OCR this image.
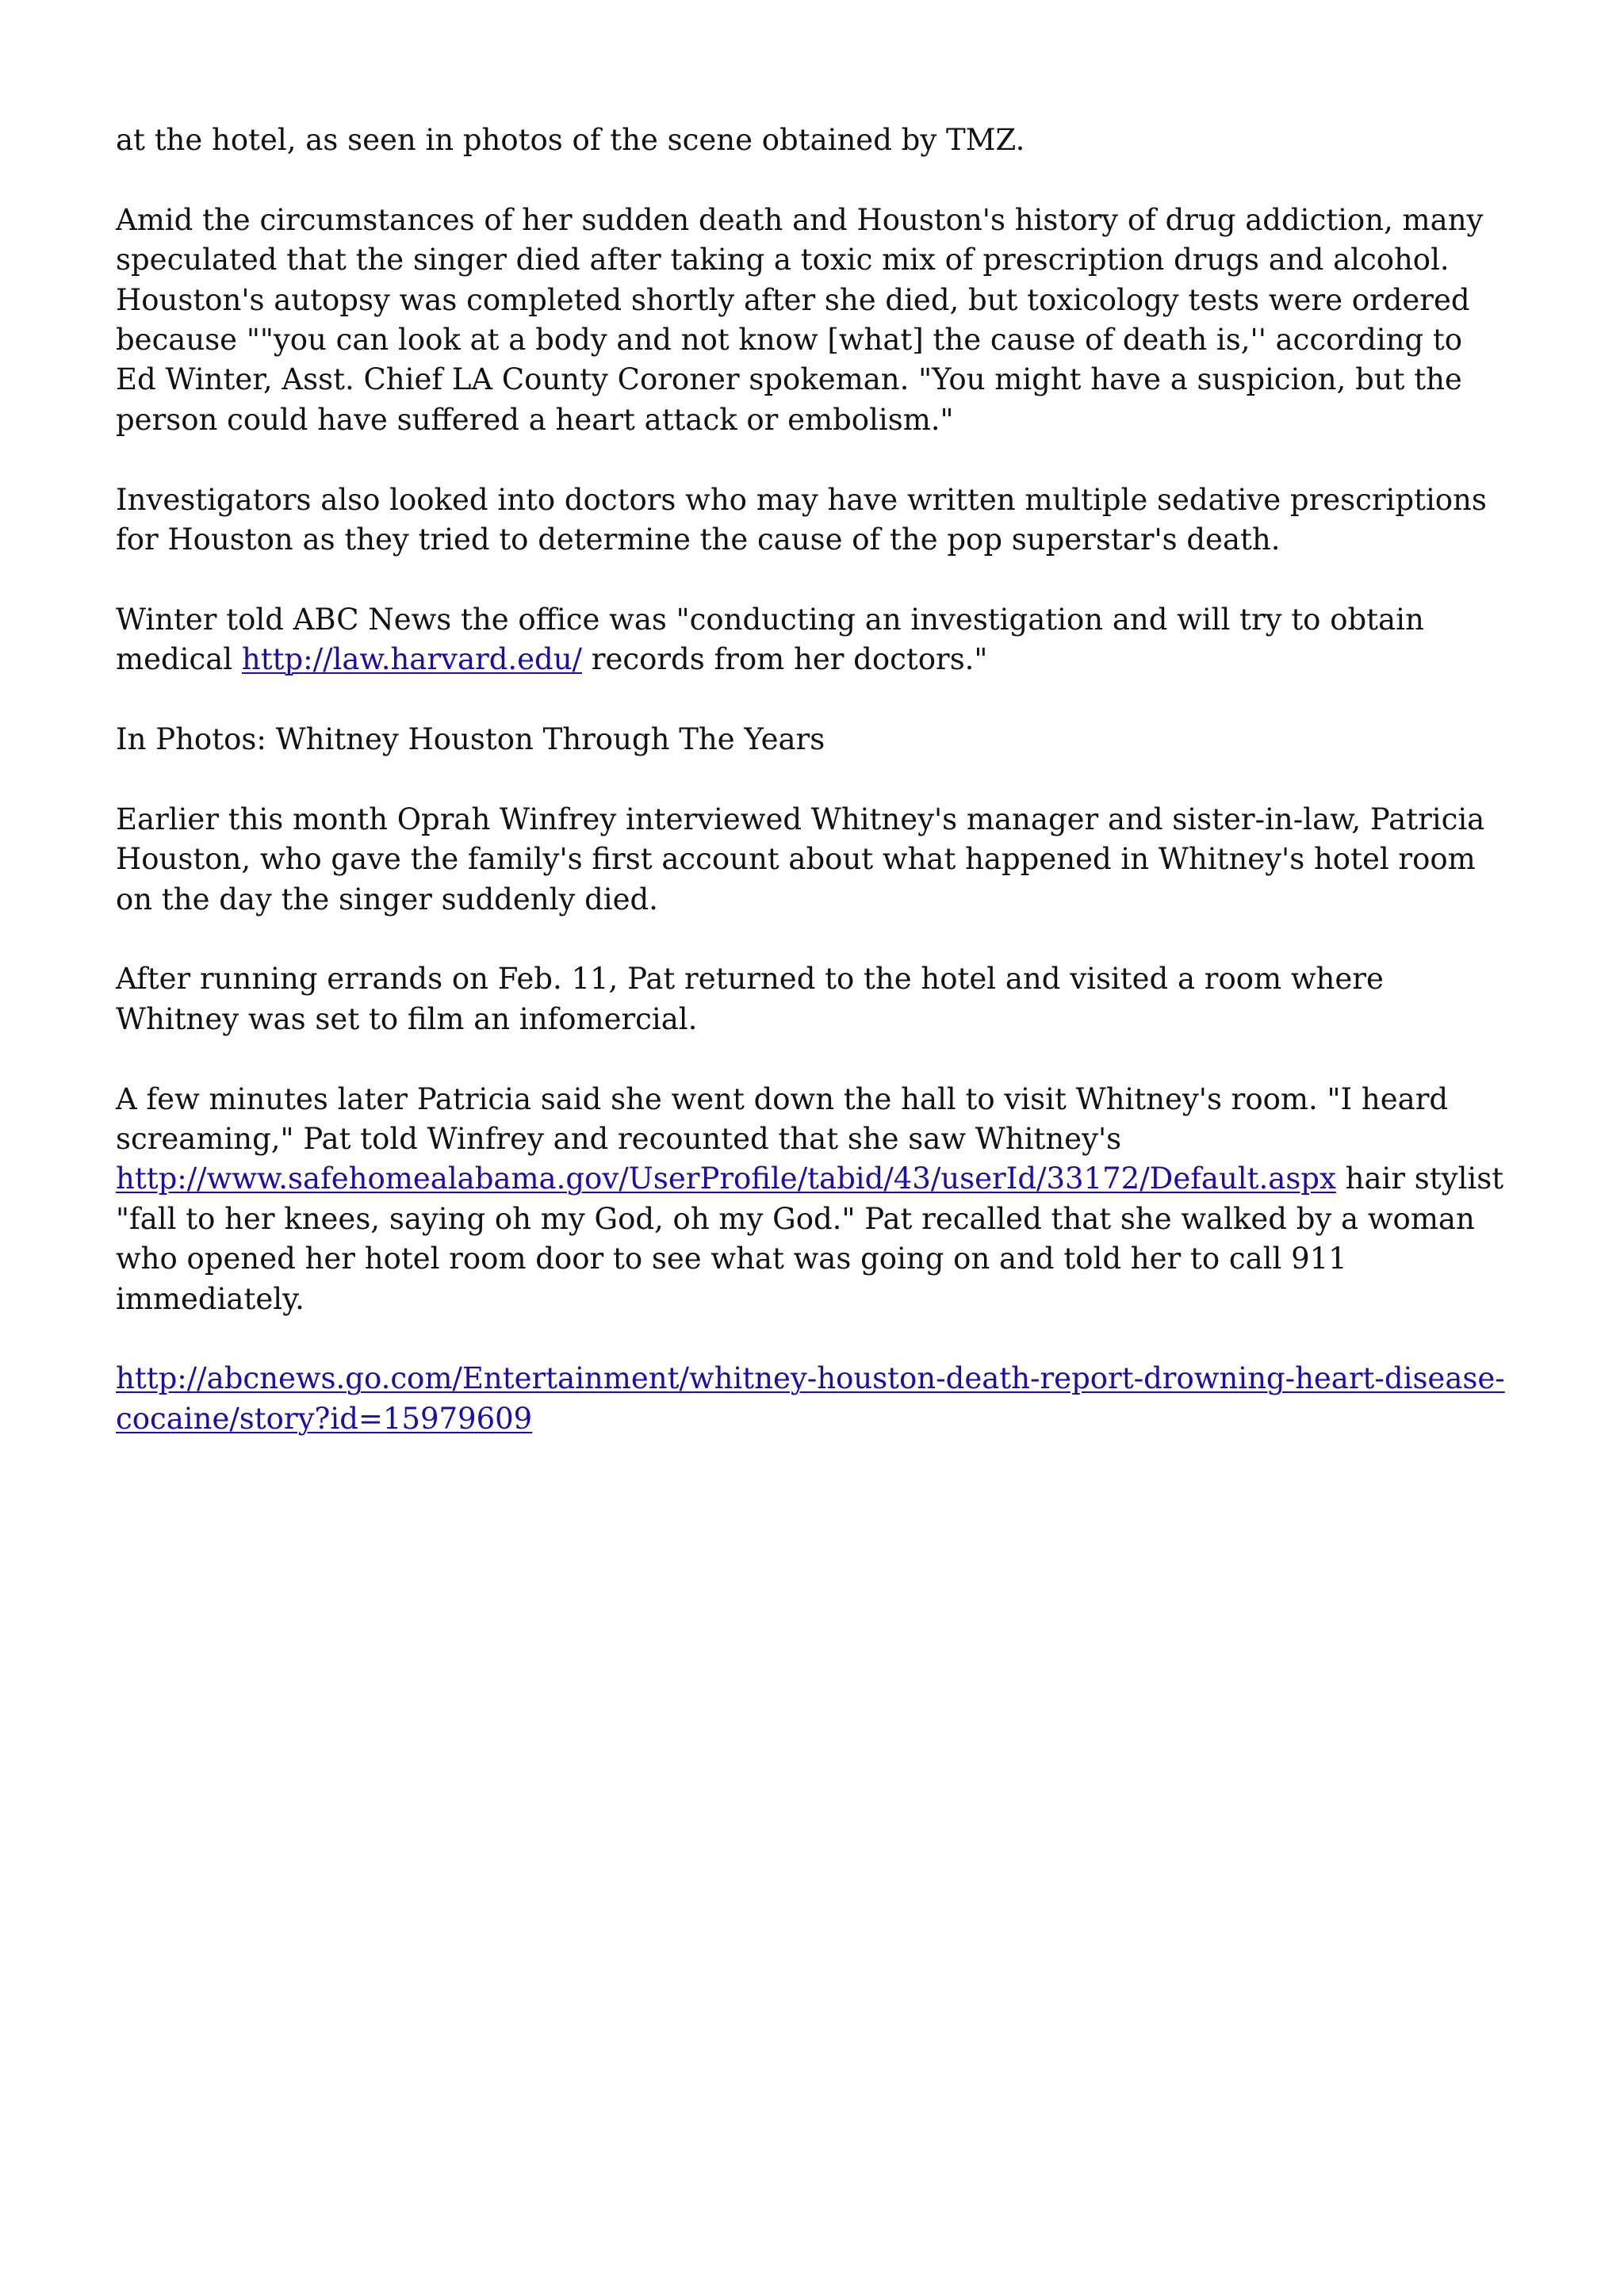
at the hotel, as seen in photos of the scene obtained by TMZ.

Amid the circumstances of her sudden death and Houston's history of drug addiction, many speculated that the singer died after taking a toxic mix of prescription drugs and alcohol. Houston's autopsy was completed shortly after she died, but toxicology tests were ordered because ""you can look at a body and not know [what] the cause of death is,'' according to Ed Winter, Asst. Chief LA County Coroner spokeman. "You might have a suspicion, but the person could have suffered a heart attack or embolism."

Investigators also looked into doctors who may have written multiple sedative prescriptions for Houston as they tried to determine the cause of the pop superstar's death.

Winter told ABC News the office was "conducting an investigation and will try to obtain medical http://law.harvard.edu/ records from her doctors."

In Photos: Whitney Houston Through The Years

Earlier this month Oprah Winfrey interviewed Whitney's manager and sister-in-law, Patricia Houston, who gave the family's first account about what happened in Whitney's hotel room on the day the singer suddenly died.

After running errands on Feb. 11, Pat returned to the hotel and visited a room where Whitney was set to film an infomercial.

A few minutes later Patricia said she went down the hall to visit Whitney's room. "I heard screaming," Pat told Winfrey and recounted that she saw Whitney's http://www.safehomealabama.gov/UserProfile/tabid/43/userId/33172/Default.aspx hair stylist "fall to her knees, saying oh my God, oh my God." Pat recalled that she walked by a woman who opened her hotel room door to see what was going on and told her to call 911 immediately.

http://abcnews.go.com/Entertainment/whitney-houston-death-report-drowning-heart-disease-cocaine/story?id=15979609
